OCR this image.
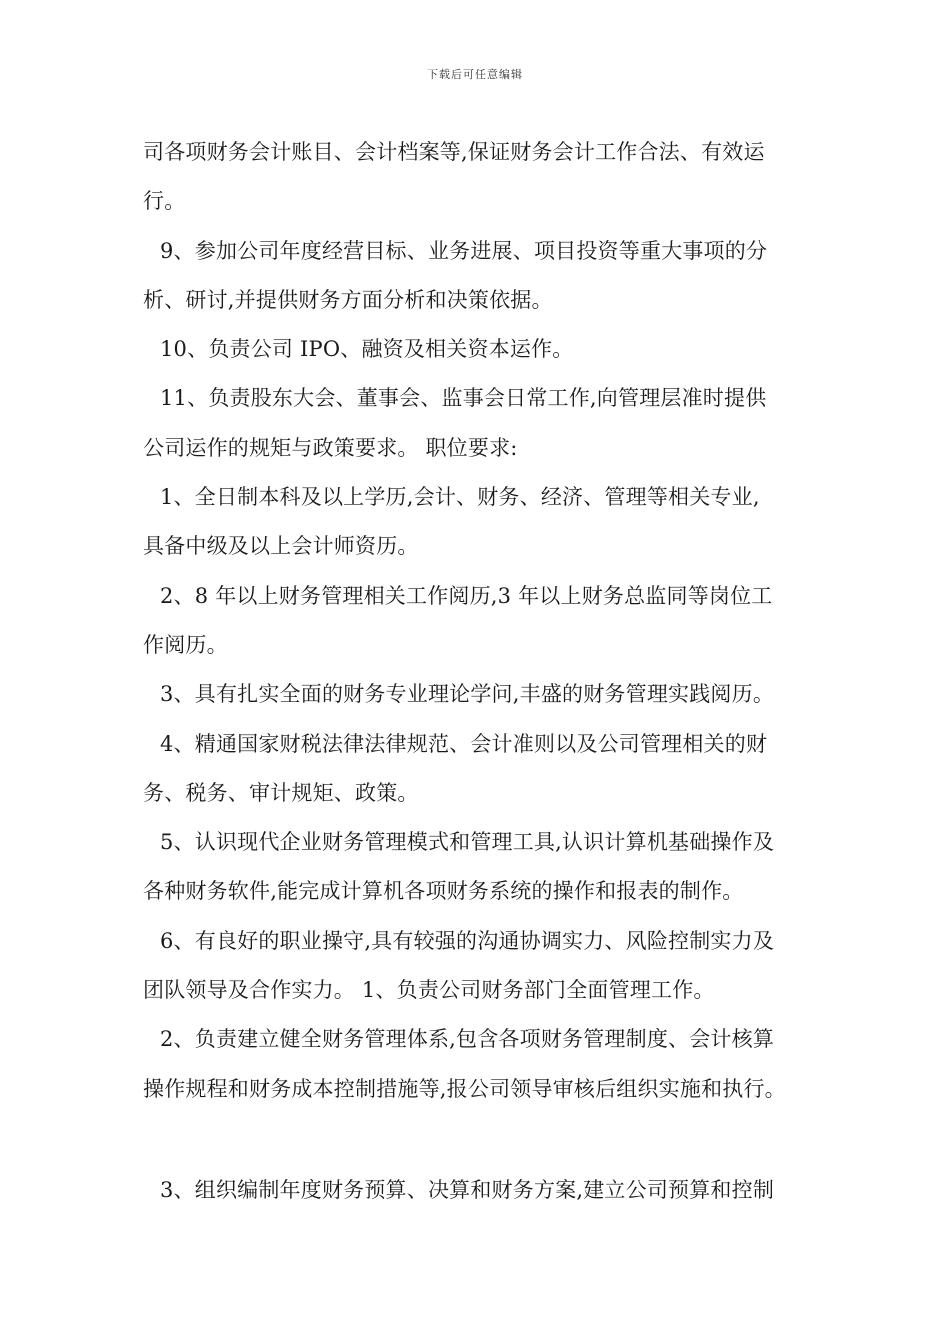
下载后可任意编辑
司各项财务会计账目、会计档案等,保证财务会计工作合法、有效运
行。
9、参加公司年度经营目标、业务进展、项目投资等重大事项的分
析、研讨,并提供财务方面分析和决策依据。
10、负责公司 IPO、融资及相关资本运作。
11、负责股东大会、董事会、监事会日常工作,向管理层准时提供
公司运作的规矩与政策要求。 职位要求:
1、全日制本科及以上学历,会计、财务、经济、管理等相关专业,
具备中级及以上会计师资历。
2、8 年以上财务管理相关工作阅历,3 年以上财务总监同等岗位工
作阅历。
3、具有扎实全面的财务专业理论学问,丰盛的财务管理实践阅历。
4、精通国家财税法律法律规范、会计准则以及公司管理相关的财
务、税务、审计规矩、政策。
5、认识现代企业财务管理模式和管理工具,认识计算机基础操作及
各种财务软件,能完成计算机各项财务系统的操作和报表的制作。
6、有良好的职业操守,具有较强的沟通协调实力、风险控制实力及
团队领导及合作实力。 1、负责公司财务部门全面管理工作。
2、负责建立健全财务管理体系,包含各项财务管理制度、会计核算
操作规程和财务成本控制措施等,报公司领导审核后组织实施和执行。
3、组织编制年度财务预算、决算和财务方案,建立公司预算和控制
